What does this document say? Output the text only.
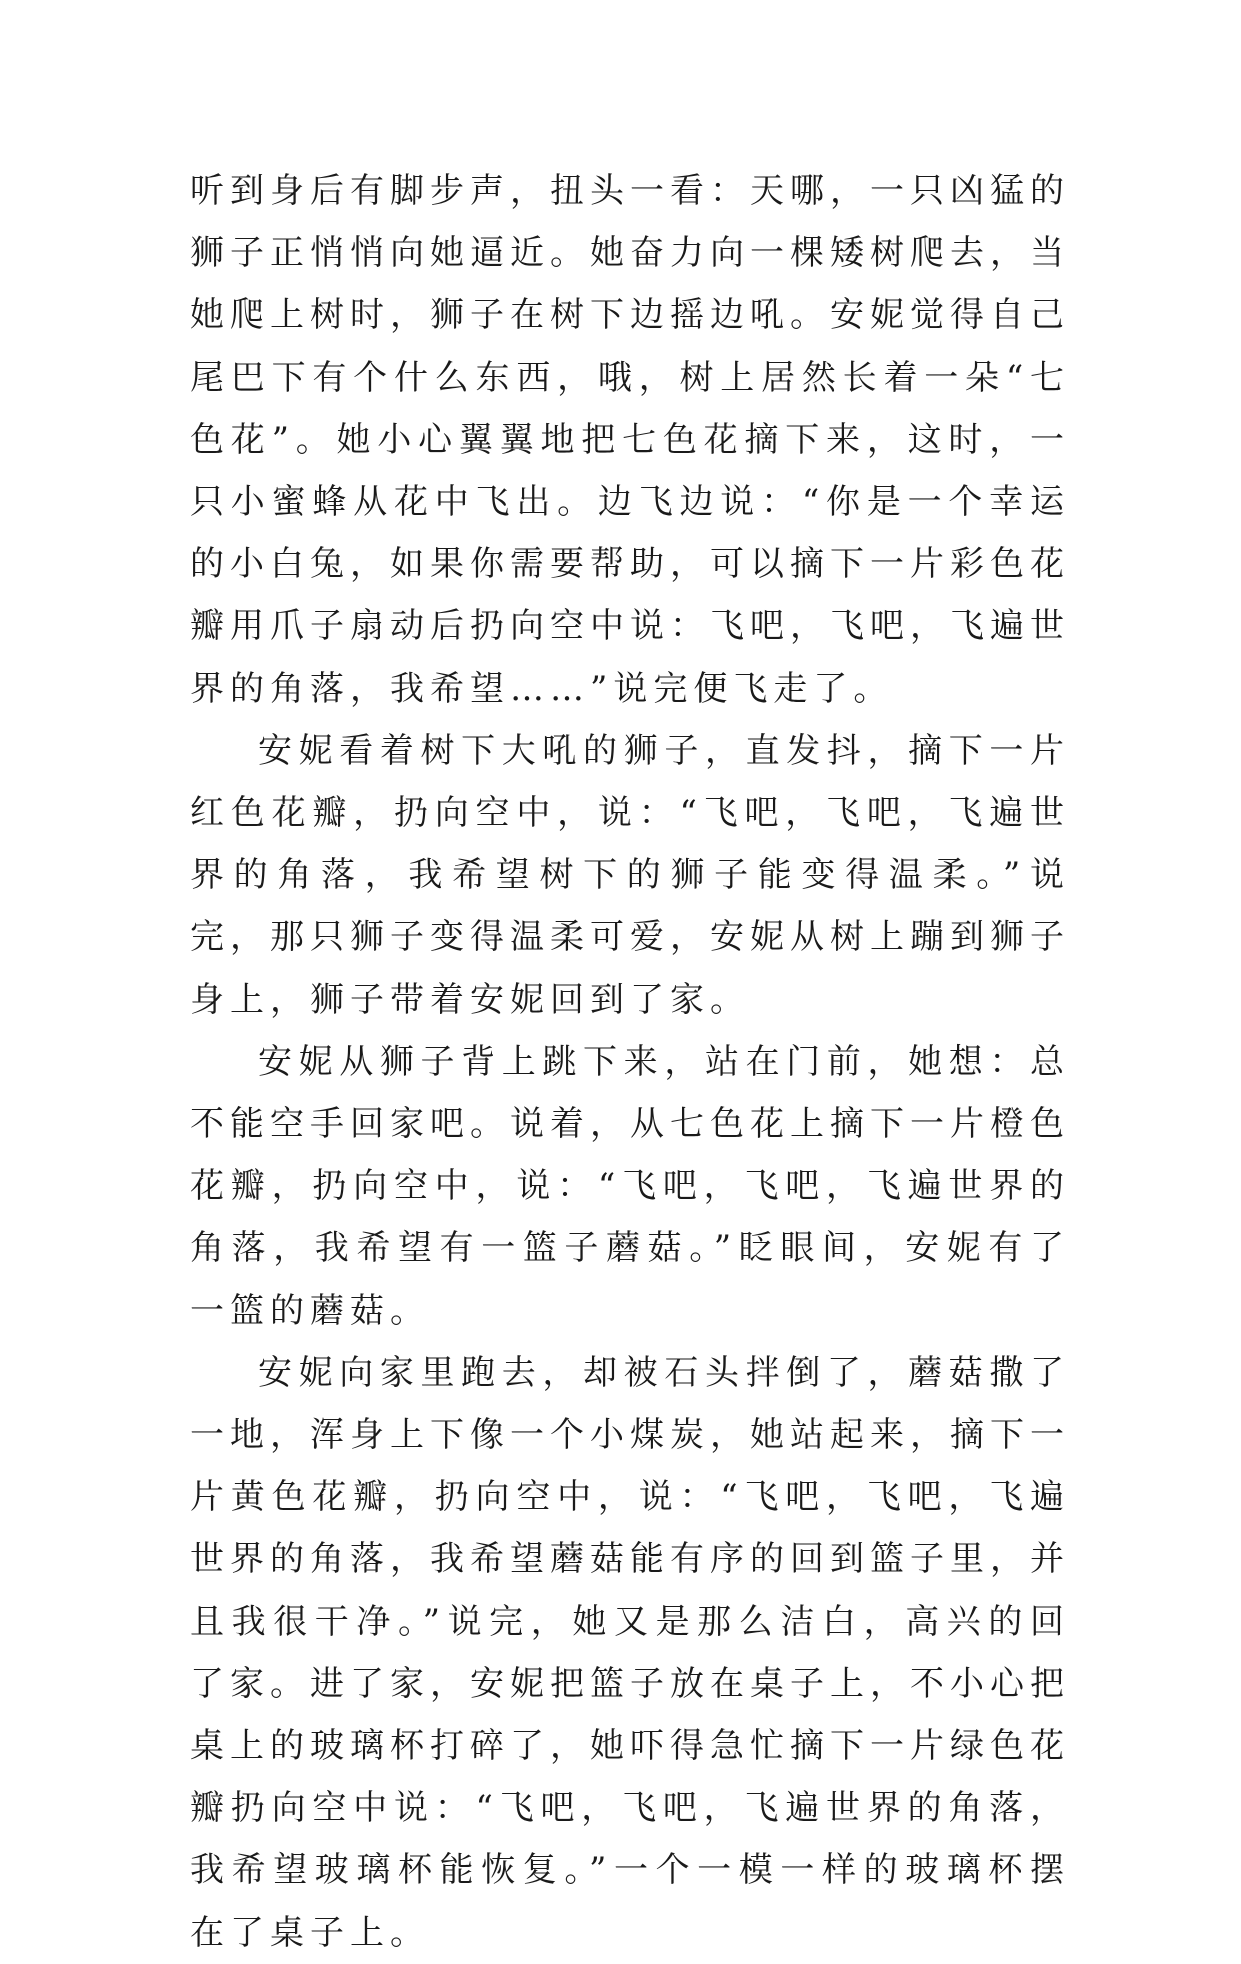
听到身后有脚步声，扭头一看：天哪，一只凶猛的狮子正悄悄向她逼近。她奋力向一棵矮树爬去，当她爬上树时，狮子在树下边摇边吼。安妮觉得自己尾巴下有个什么东西，哦，树上居然长着一朵“七色花”。她小心翼翼地把七色花摘下来，这时，一只小蜜蜂从花中飞出。边飞边说：“你是一个幸运的小白兔，如果你需要帮助，可以摘下一片彩色花瓣用爪子扇动后扔向空中说：飞吧，飞吧，飞遍世界的角落，我希望……”说完便飞走了。

安妮看着树下大吼的狮子，直发抖，摘下一片红色花瓣，扔向空中，说：“飞吧，飞吧，飞遍世界的角落，我希望树下的狮子能变得温柔。”说完，那只狮子变得温柔可爱，安妮从树上蹦到狮子身上，狮子带着安妮回到了家。

安妮从狮子背上跳下来，站在门前，她想：总不能空手回家吧。说着，从七色花上摘下一片橙色花瓣，扔向空中，说：“飞吧，飞吧，飞遍世界的角落，我希望有一篮子蘑菇。”眨眼间，安妮有了一篮的蘑菇。

安妮向家里跑去，却被石头拌倒了，蘑菇撒了一地，浑身上下像一个小煤炭，她站起来，摘下一片黄色花瓣，扔向空中，说：“飞吧，飞吧，飞遍世界的角落，我希望蘑菇能有序的回到篮子里，并且我很干净。”说完，她又是那么洁白，高兴的回了家。进了家，安妮把篮子放在桌子上，不小心把桌上的玻璃杯打碎了，她吓得急忙摘下一片绿色花瓣扔向空中说：“飞吧，飞吧，飞遍世界的角落，我希望玻璃杯能恢复。”一个一模一样的玻璃杯摆在了桌子上。
